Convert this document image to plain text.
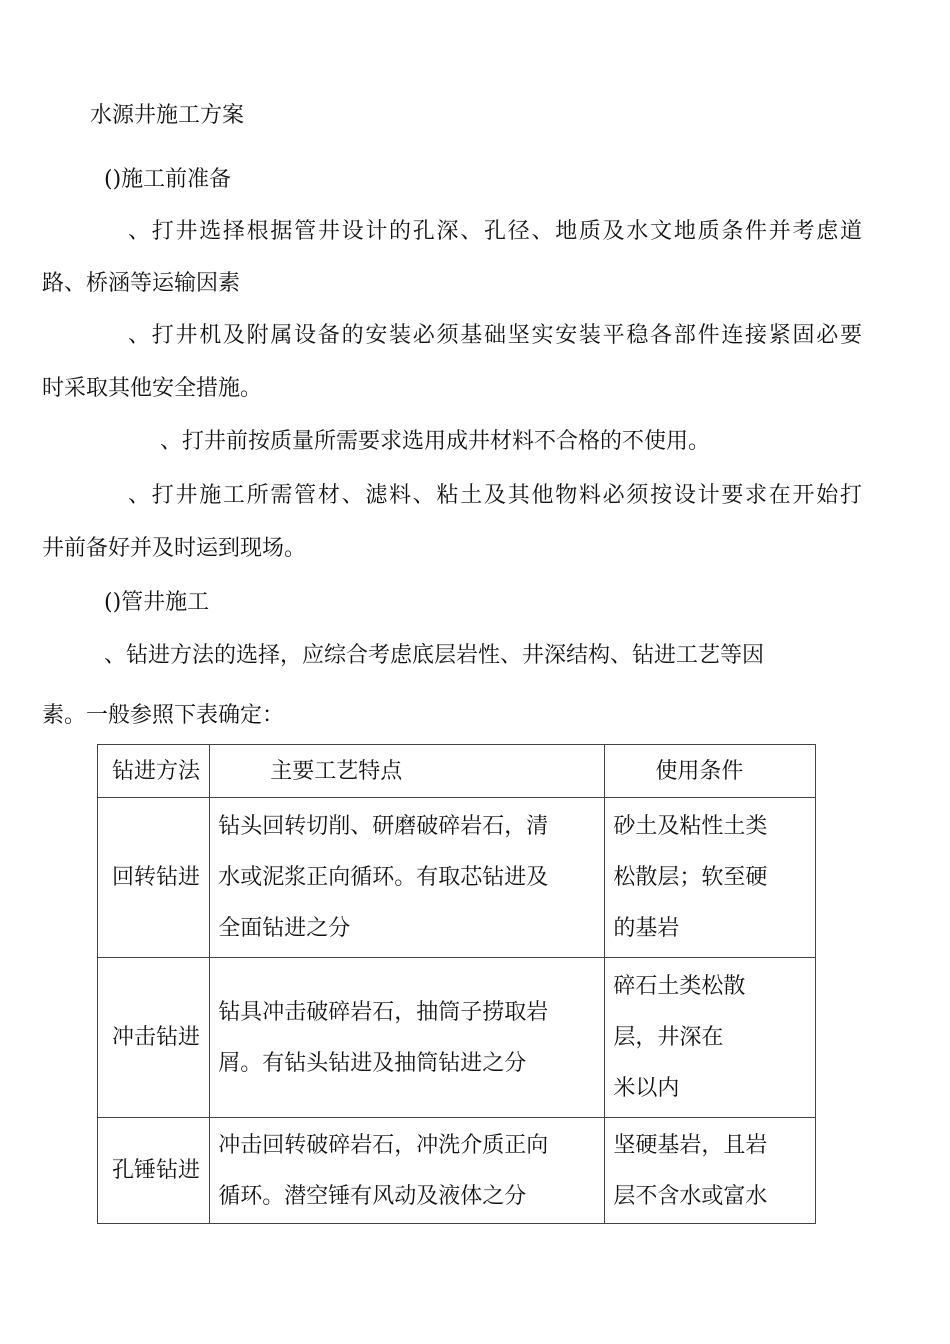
水源井施工方案
()施工前准备
、打井选择根据管井设计的孔深、孔径、地质及水文地质条件并考虑道
路、桥涵等运输因素
、打井机及附属设备的安装必须基础坚实安装平稳各部件连接紧固必要
时采取其他安全措施。
、打井前按质量所需要求选用成井材料不合格的不使用。
、打井施工所需管材、滤料、粘土及其他物料必须按设计要求在开始打
井前备好并及时运到现场。
()管井施工
、钻进方法的选择，应综合考虑底层岩性、井深结构、钻进工艺等因
素。一般参照下表确定：
钻进方法	主要工艺特点	使用条件
回转钻进	钻头回转切削、研磨破碎岩石，清
水或泥浆正向循环。有取芯钻进及
全面钻进之分	砂土及粘性土类
松散层；软至硬
的基岩

冲击钻进	钻具冲击破碎岩石，抽筒子捞取岩
屑。有钻头钻进及抽筒钻进之分	碎石土类松散
层，井深在
米以内

孔锤钻进	冲击回转破碎岩石，冲洗介质正向
循环。潜空锤有风动及液体之分	坚硬基岩，且岩
层不含水或富水
